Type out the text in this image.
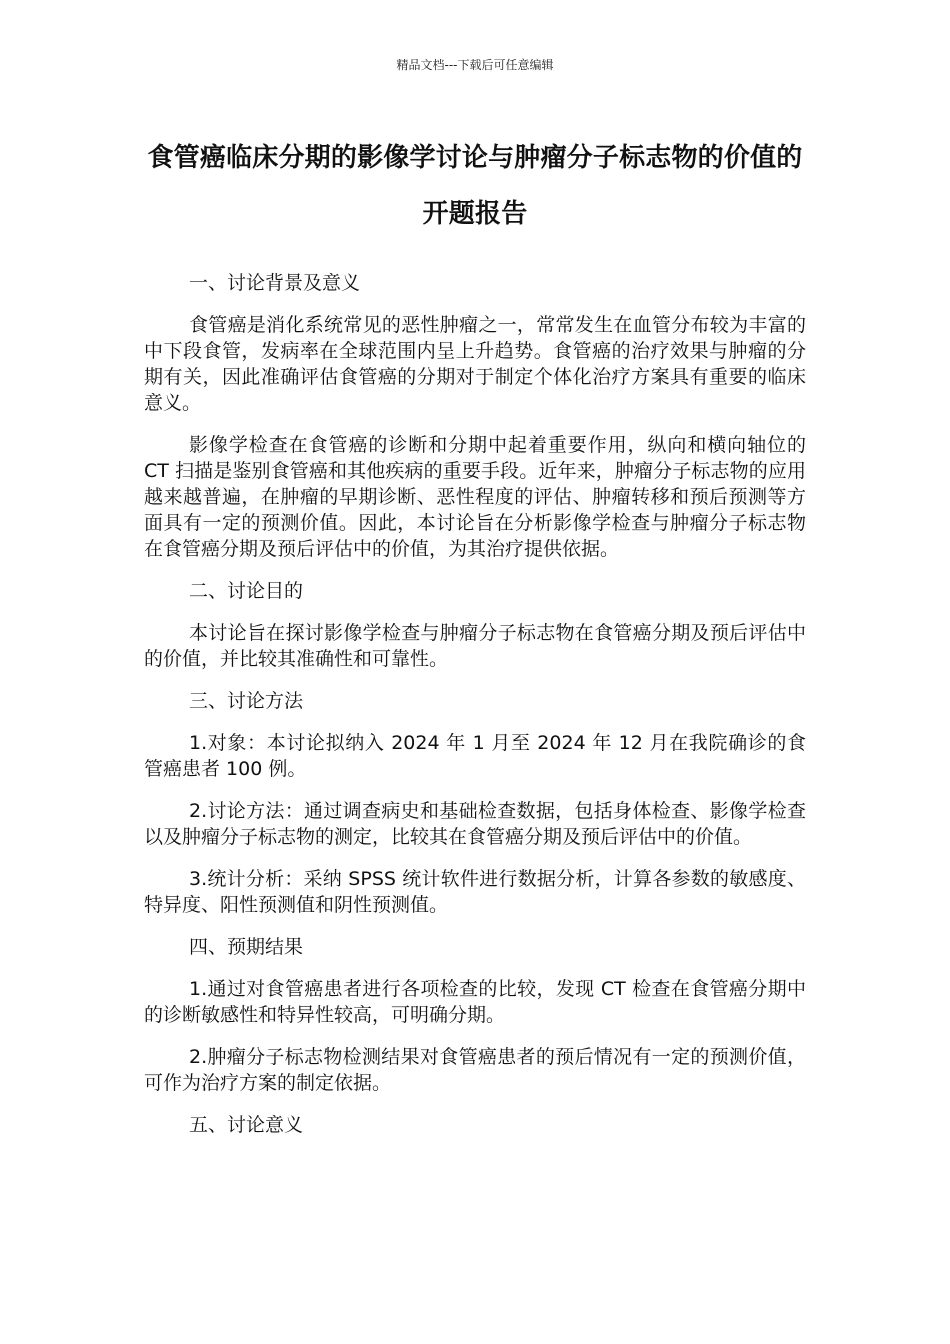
精品文档---下载后可任意编辑
食管癌临床分期的影像学讨论与肿瘤分子标志物的价值的开题报告

一、讨论背景及意义

食管癌是消化系统常见的恶性肿瘤之一，常常发生在血管分布较为丰富的中下段食管，发病率在全球范围内呈上升趋势。食管癌的治疗效果与肿瘤的分期有关，因此准确评估食管癌的分期对于制定个体化治疗方案具有重要的临床意义。

影像学检查在食管癌的诊断和分期中起着重要作用，纵向和横向轴位的 CT 扫描是鉴别食管癌和其他疾病的重要手段。近年来，肿瘤分子标志物的应用越来越普遍，在肿瘤的早期诊断、恶性程度的评估、肿瘤转移和预后预测等方面具有一定的预测价值。因此，本讨论旨在分析影像学检查与肿瘤分子标志物在食管癌分期及预后评估中的价值，为其治疗提供依据。

二、讨论目的

本讨论旨在探讨影像学检查与肿瘤分子标志物在食管癌分期及预后评估中的价值，并比较其准确性和可靠性。

三、讨论方法

1.对象：本讨论拟纳入 2024 年 1 月至 2024 年 12 月在我院确诊的食管癌患者 100 例。

2.讨论方法：通过调查病史和基础检查数据，包括身体检查、影像学检查以及肿瘤分子标志物的测定，比较其在食管癌分期及预后评估中的价值。

3.统计分析：采纳 SPSS 统计软件进行数据分析，计算各参数的敏感度、特异度、阳性预测值和阴性预测值。

四、预期结果

1.通过对食管癌患者进行各项检查的比较，发现 CT 检查在食管癌分期中的诊断敏感性和特异性较高，可明确分期。

2.肿瘤分子标志物检测结果对食管癌患者的预后情况有一定的预测价值，可作为治疗方案的制定依据。

五、讨论意义
